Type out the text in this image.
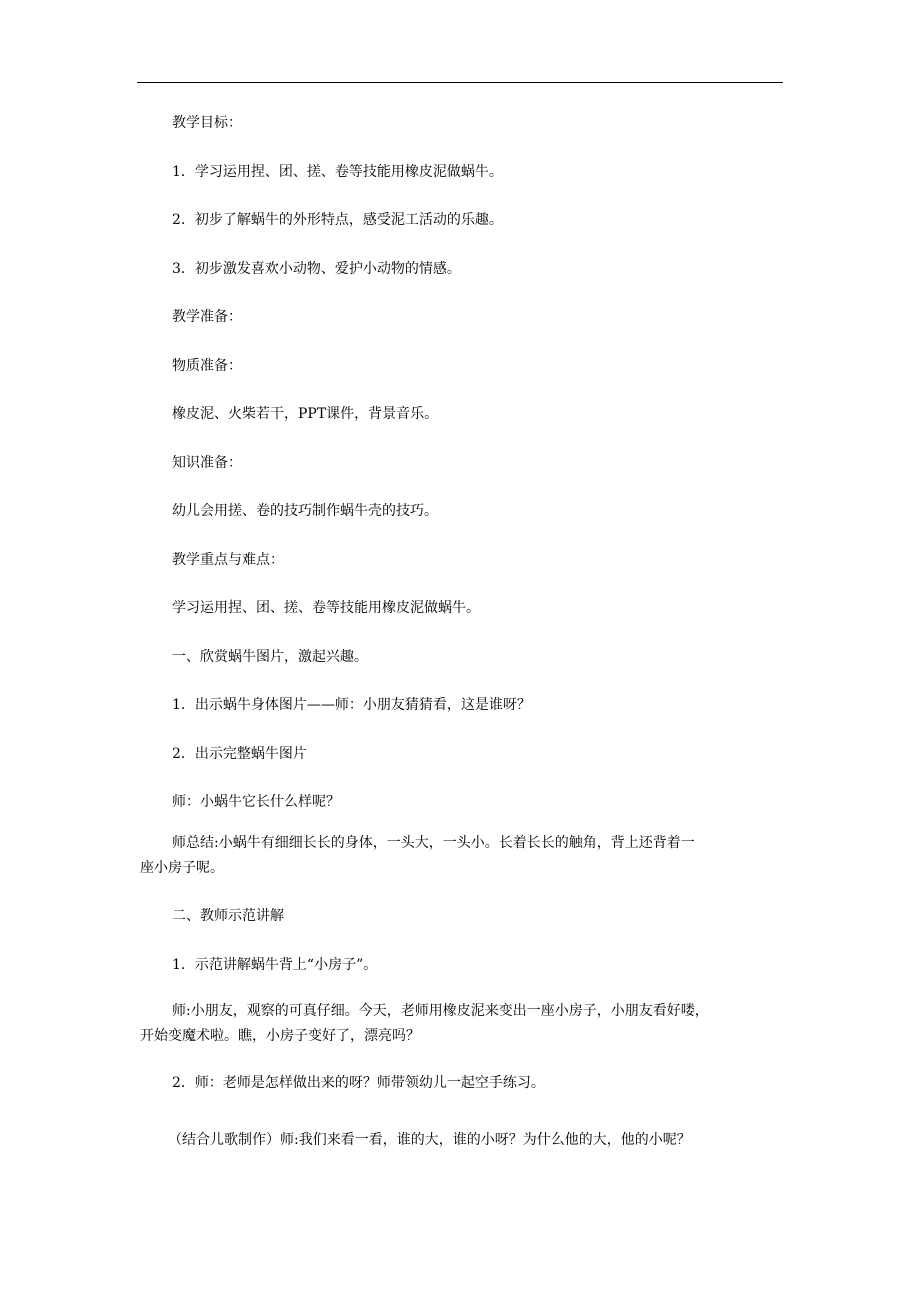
教学目标：
1．学习运用捏、团、搓、卷等技能用橡皮泥做蜗牛。
2．初步了解蜗牛的外形特点，感受泥工活动的乐趣。
3．初步激发喜欢小动物、爱护小动物的情感。
教学准备：
物质准备：
橡皮泥、火柴若干，PPT课件，背景音乐。
知识准备：
幼儿会用搓、卷的技巧制作蜗牛壳的技巧。
教学重点与难点：
学习运用捏、团、搓、卷等技能用橡皮泥做蜗牛。
一、欣赏蜗牛图片，激起兴趣。
1．出示蜗牛身体图片——师：小朋友猜猜看，这是谁呀？
2．出示完整蜗牛图片
师：小蜗牛它长什么样呢？
师总结:小蜗牛有细细长长的身体，一头大，一头小。长着长长的触角，背上还背着一
座小房子呢。
二、教师示范讲解
1．示范讲解蜗牛背上“小房子”。
师:小朋友，观察的可真仔细。今天，老师用橡皮泥来变出一座小房子，小朋友看好喽，
开始变魔术啦。瞧，小房子变好了，漂亮吗？
2．师：老师是怎样做出来的呀？师带领幼儿一起空手练习。
（结合儿歌制作）师:我们来看一看，谁的大，谁的小呀？为什么他的大，他的小呢？
